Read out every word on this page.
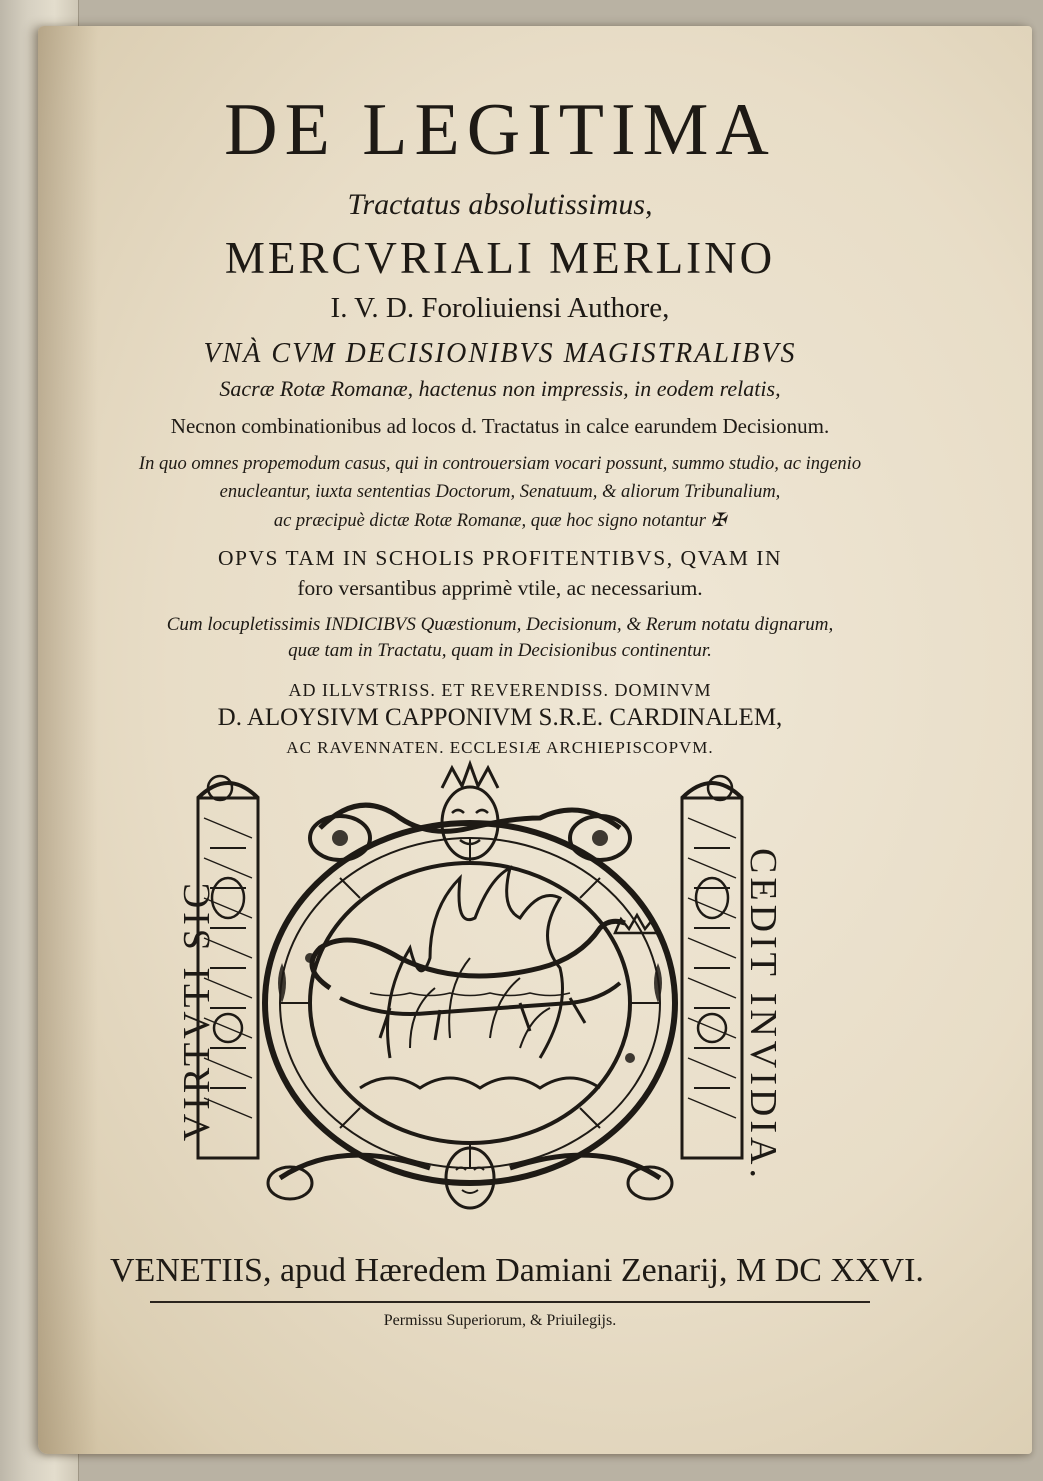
DE LEGITIMA
Tractatus absolutissimus,
MERCVRIALI MERLINO
I. V. D. Foroliuiensi Authore,
VNÀ CVM DECISIONIBVS MAGISTRALIBVS
Sacræ Rotæ Romanæ, hactenus non impressis, in eodem relatis,
Necnon combinationibus ad locos d. Tractatus in calce earundem Decisionum.
In quo omnes propemodum casus, qui in controuersiam vocari possunt, summo studio, ac ingenio
enucleantur, iuxta sententias Doctorum, Senatuum, & aliorum Tribunalium,
ac præcipuè dictæ Rotæ Romanæ, quæ hoc signo notantur ✠
OPVS TAM IN SCHOLIS PROFITENTIBVS, QVAM IN
foro versantibus apprimè vtile, ac necessarium.
Cum locupletissimis INDICIBVS Quæstionum, Decisionum, & Rerum notatu dignarum,
quæ tam in Tractatu, quam in Decisionibus continentur.
AD ILLVSTRISS. ET REVERENDISS. DOMINVM
D. ALOYSIVM CAPPONIVM S.R.E. CARDINALEM,
AC RAVENNATEN. ECCLESIÆ ARCHIEPISCOPVM.
VIRTVTI SIC	CEDIT INVIDIA.
VENETIIS, apud Hæredem Damiani Zenarij, M DC XXVI.
Permissu Superiorum, & Priuilegijs.
